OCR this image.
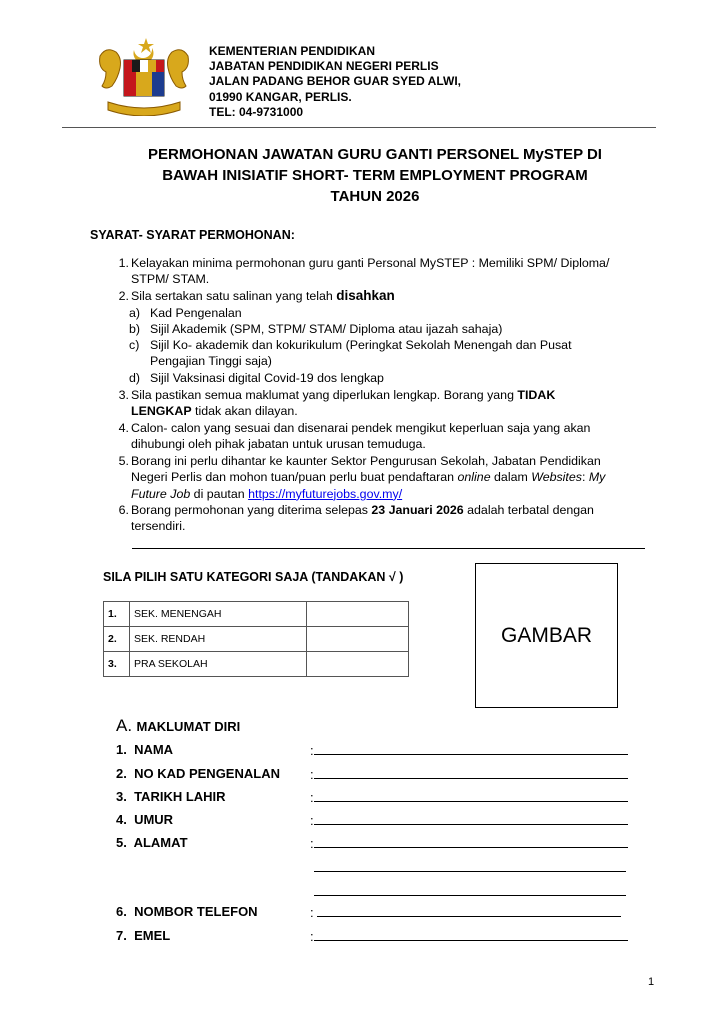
KEMENTERIAN PENDIDIKAN
JABATAN PENDIDIKAN NEGERI PERLIS
JALAN PADANG BEHOR GUAR SYED ALWI,
01990 KANGAR, PERLIS.
TEL: 04-9731000
PERMOHONAN JAWATAN GURU GANTI PERSONEL MySTEP DI
BAWAH INISIATIF SHORT- TERM EMPLOYMENT PROGRAM
TAHUN 2026
SYARAT- SYARAT PERMOHONAN:
1. Kelayakan minima permohonan guru ganti Personal MySTEP : Memiliki SPM/ Diploma/
STPM/ STAM.
2. Sila sertakan satu salinan yang telah disahkan
a) Kad Pengenalan
b) Sijil Akademik (SPM, STPM/ STAM/ Diploma atau ijazah sahaja)
c) Sijil Ko- akademik dan kokurikulum (Peringkat Sekolah Menengah dan Pusat
Pengajian Tinggi saja)
d) Sijil Vaksinasi digital Covid-19 dos lengkap
3. Sila pastikan semua maklumat yang diperlukan lengkap. Borang yang TIDAK
LENGKAP tidak akan dilayan.
4. Calon- calon yang sesuai dan disenarai pendek mengikut keperluan saja yang akan
dihubungi oleh pihak jabatan untuk urusan temuduga.
5. Borang ini perlu dihantar ke kaunter Sektor Pengurusan Sekolah, Jabatan Pendidikan
Negeri Perlis dan mohon tuan/puan perlu buat pendaftaran online dalam Websites: My
Future Job di pautan https://myfuturejobs.gov.my/
6. Borang permohonan yang diterima selepas 23 Januari 2026 adalah terbatal dengan
tersendiri.
SILA PILIH SATU KATEGORI SAJA (TANDAKAN √ )
1.	SEK. MENENGAH	
2.	SEK. RENDAH	
3.	PRA SEKOLAH	
GAMBAR
A. MAKLUMAT DIRI
1. NAMA	:
2. NO KAD PENGENALAN :
3. TARIKH LAHIR	:
4. UMUR	:
5. ALAMAT	:
6. NOMBOR TELEFON	:
7. EMEL	:
1
